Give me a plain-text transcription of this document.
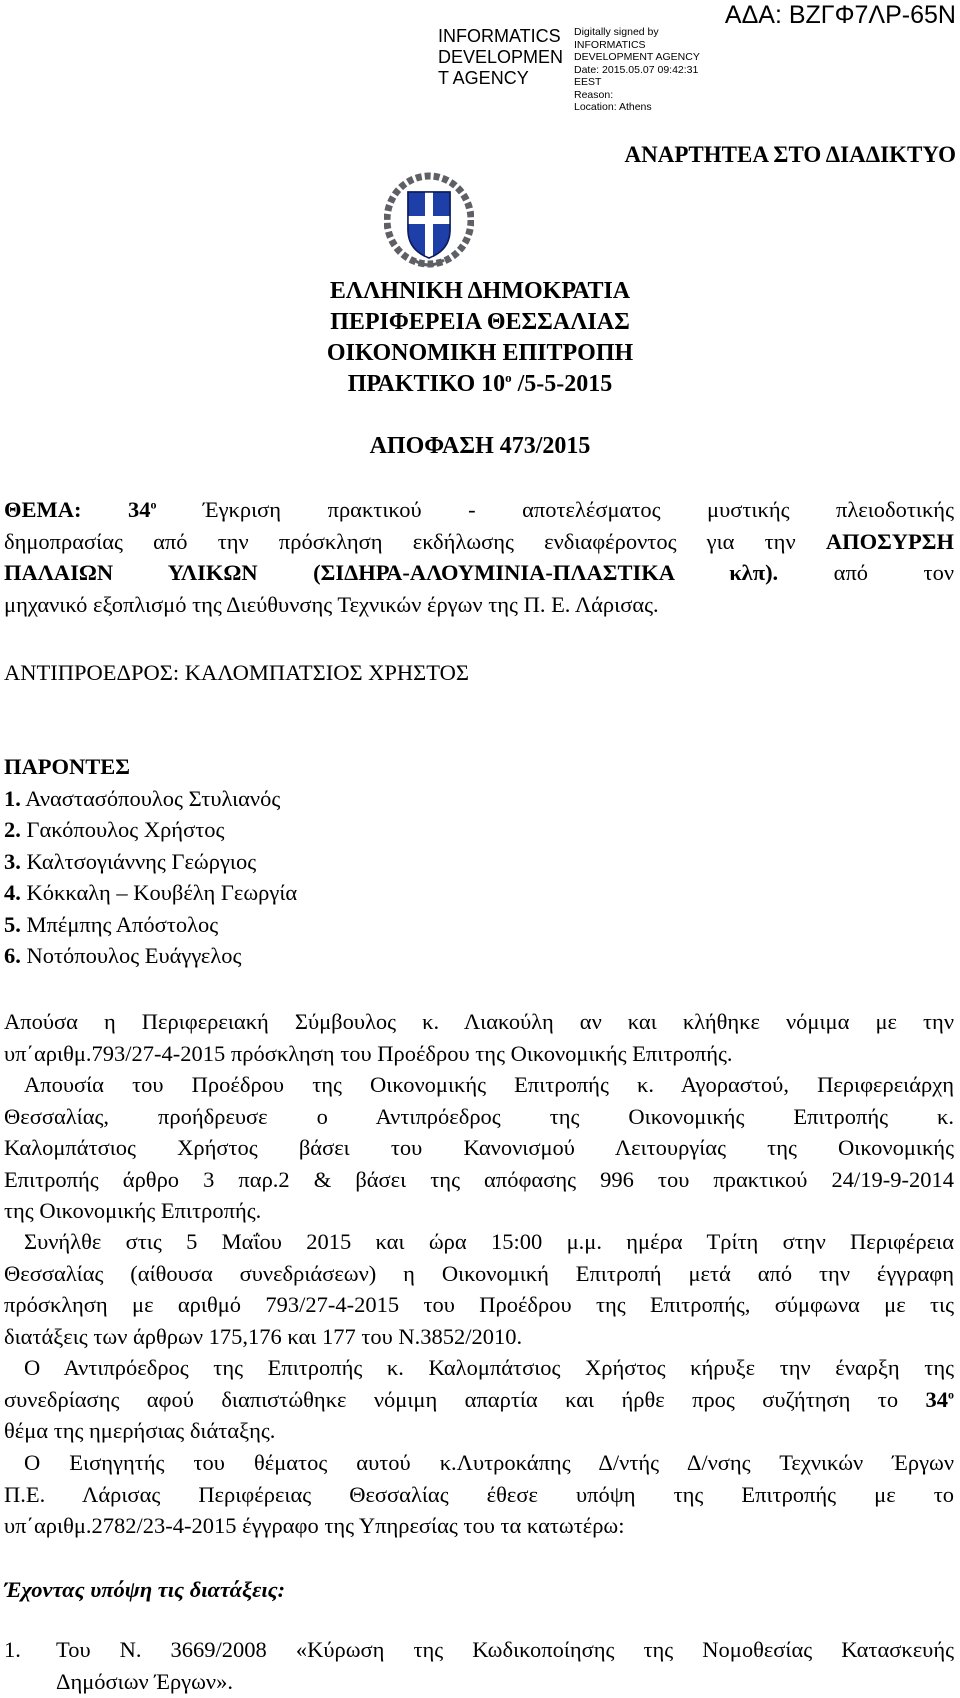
INFORMATICS
DEVELOPMEN
T AGENCY
Digitally signed by
INFORMATICS
DEVELOPMENT AGENCY
Date: 2015.05.07 09:42:31
EEST
Reason:
Location: Athens
ΑΔΑ: ΒΖΓΦ7ΛΡ-65Ν
ΑΝΑΡΤΗΤΕΑ ΣΤΟ ΔΙΑΔΙΚΤΥΟ
ΕΛΛΗΝΙΚΗ ΔΗΜΟΚΡΑΤΙΑ
ΠΕΡΙΦΕΡΕΙΑ ΘΕΣΣΑΛΙΑΣ
ΟΙΚΟΝΟΜΙΚΗ ΕΠΙΤΡΟΠΗ
ΠΡΑΚΤΙΚΟ $10^o$ /5-5-2015
ΑΠΟΦΑΣΗ 473/2015
ΘΕΜΑ: $34^o$ Έγκριση πρακτικού - αποτελέσματος μυστικής πλειοδοτικής
δημοπρασίας από την πρόσκληση εκδήλωσης ενδιαφέροντος για την ΑΠΟΣΥΡΣΗ
ΠΑΛΑΙΩΝ ΥΛΙΚΩΝ (ΣΙΔΗΡΑ-ΑΛΟΥΜΙΝΙΑ-ΠΛΑΣΤΙΚΑ κλπ). από τον
μηχανικό εξοπλισμό της Διεύθυνσης Τεχνικών έργων της Π. Ε. Λάρισας.
ΑΝΤΙΠΡΟΕΔΡΟΣ: ΚΑΛΟΜΠΑΤΣΙΟΣ ΧΡΗΣΤΟΣ
ΠΑΡΟΝΤΕΣ
1. Αναστασόπουλος Στυλιανός
2. Γακόπουλος Χρήστος
3. Καλτσογιάννης Γεώργιος
4. Κόκκαλη – Κουβέλη Γεωργία
5. Μπέμπης Απόστολος
6. Νοτόπουλος Ευάγγελος
Απούσα η Περιφερειακή Σύμβουλος κ. Λιακούλη αν και κλήθηκε νόμιμα με την
υπ΄αριθμ.793/27-4-2015 πρόσκληση του Προέδρου της Οικονομικής Επιτροπής.
Απουσία του Προέδρου της Οικονομικής Επιτροπής κ. Αγοραστού, Περιφερειάρχη
Θεσσαλίας, προήδρευσε ο Αντιπρόεδρος της Οικονομικής Επιτροπής κ.
Καλομπάτσιος Χρήστος βάσει του Κανονισμού Λειτουργίας της Οικονομικής
Επιτροπής άρθρο 3 παρ.2 & βάσει της απόφασης 996 του πρακτικού 24/19-9-2014
της Οικονομικής Επιτροπής.
Συνήλθε στις 5 Μαΐου 2015 και ώρα 15:00 μ.μ. ημέρα Τρίτη στην Περιφέρεια
Θεσσαλίας (αίθουσα συνεδριάσεων) η Οικονομική Επιτροπή μετά από την έγγραφη
πρόσκληση με αριθμό 793/27-4-2015 του Προέδρου της Επιτροπής, σύμφωνα με τις
διατάξεις των άρθρων 175,176 και 177 του Ν.3852/2010.
Ο Αντιπρόεδρος της Επιτροπής κ. Καλομπάτσιος Χρήστος κήρυξε την έναρξη της
συνεδρίασης αφού διαπιστώθηκε νόμιμη απαρτία και ήρθε προς συζήτηση το $34^o$
θέμα της ημερήσιας διάταξης.
Ο Εισηγητής του θέματος αυτού κ.Λυτροκάπης Δ/ντής Δ/νσης Τεχνικών Έργων
Π.Ε. Λάρισας Περιφέρειας Θεσσαλίας έθεσε υπόψη της Επιτροπής με το
υπ΄αριθμ.2782/23-4-2015 έγγραφο της Υπηρεσίας του τα κατωτέρω:
Έχοντας υπόψη τις διατάξεις:
1. Του Ν. 3669/2008 «Κύρωση της Κωδικοποίησης της Νομοθεσίας Κατασκευής
Δημόσιων Έργων».
